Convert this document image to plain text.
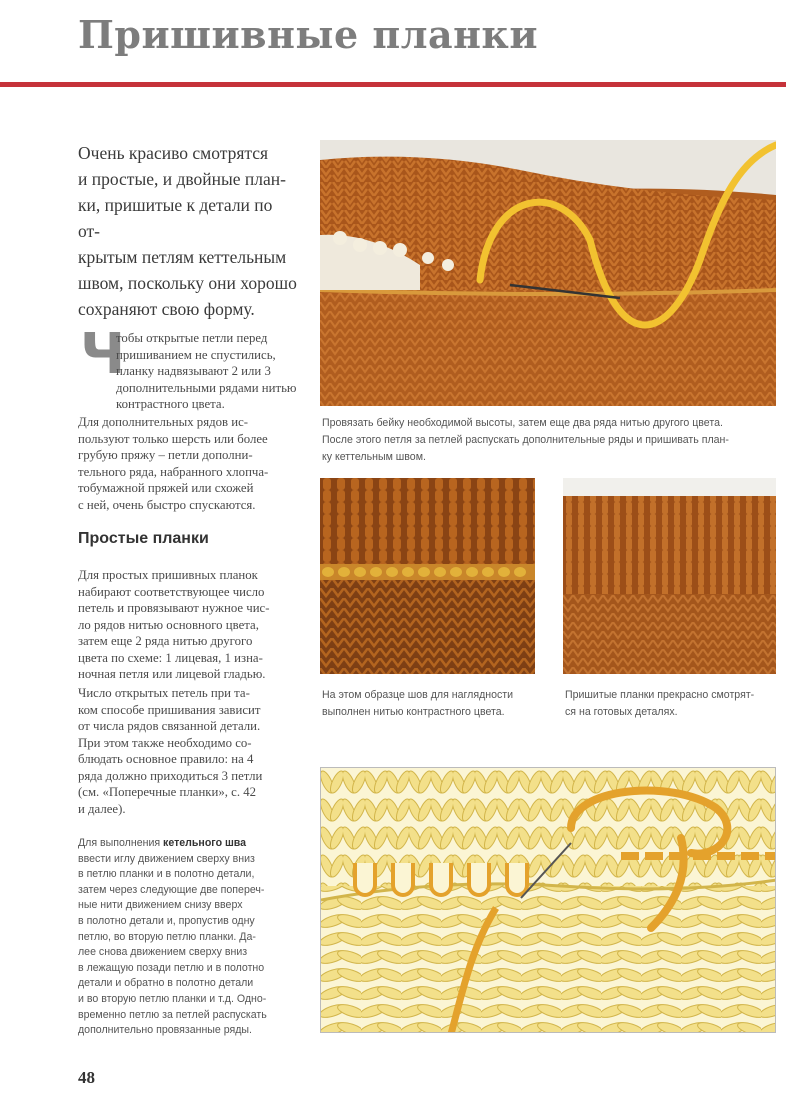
Пришивные планки
Очень красиво смотрятся
и простые, и двойные план-
ки, пришитые к детали по от-
крытым петлям кеттельным
швом, поскольку они хорошо
сохраняют свою форму.
Ч
тобы открытые петли перед
пришиванием не спустились,
планку надвязывают 2 или 3
дополнительными рядами нитью
контрастного цвета.
Для дополнительных рядов ис-
пользуют только шерсть или более
грубую пряжу – петли дополни-
тельного ряда, набранного хлопча-
тобумажной пряжей или схожей
с ней, очень быстро спускаются.
Простые планки
Для простых пришивных планок
набирают соответствующее число
петель и провязывают нужное чис-
ло рядов нитью основного цвета,
затем еще 2 ряда нитью другого
цвета по схеме: 1 лицевая, 1 изна-
ночная петля или лицевой гладью.
Число открытых петель при та-
ком способе пришивания зависит
от числа рядов связанной детали.
При этом также необходимо со-
блюдать основное правило: на 4
ряда должно приходиться 3 петли
(см. «Поперечные планки», с. 42
и далее).
Для выполнения кетельного шва
ввести иглу движением сверху вниз
в петлю планки и в полотно детали,
затем через следующие две попереч-
ные нити движением снизу вверх
в полотно детали и, пропустив одну
петлю, во вторую петлю планки. Да-
лее снова движением сверху вниз
в лежащую позади петлю и в полотно
детали и обратно в полотно детали
и во вторую петлю планки и т.д. Одно-
временно петлю за петлей распускать
дополнительно провязанные ряды.
48
Провязать бейку необходимой высоты, затем еще два ряда нитью другого цвета.
После этого петля за петлей распускать дополнительные ряды и пришивать план-
ку кеттельным швом.
На этом образце шов для наглядности
выполнен нитью контрастного цвета.
Пришитые планки прекрасно смотрят-
ся на готовых деталях.
